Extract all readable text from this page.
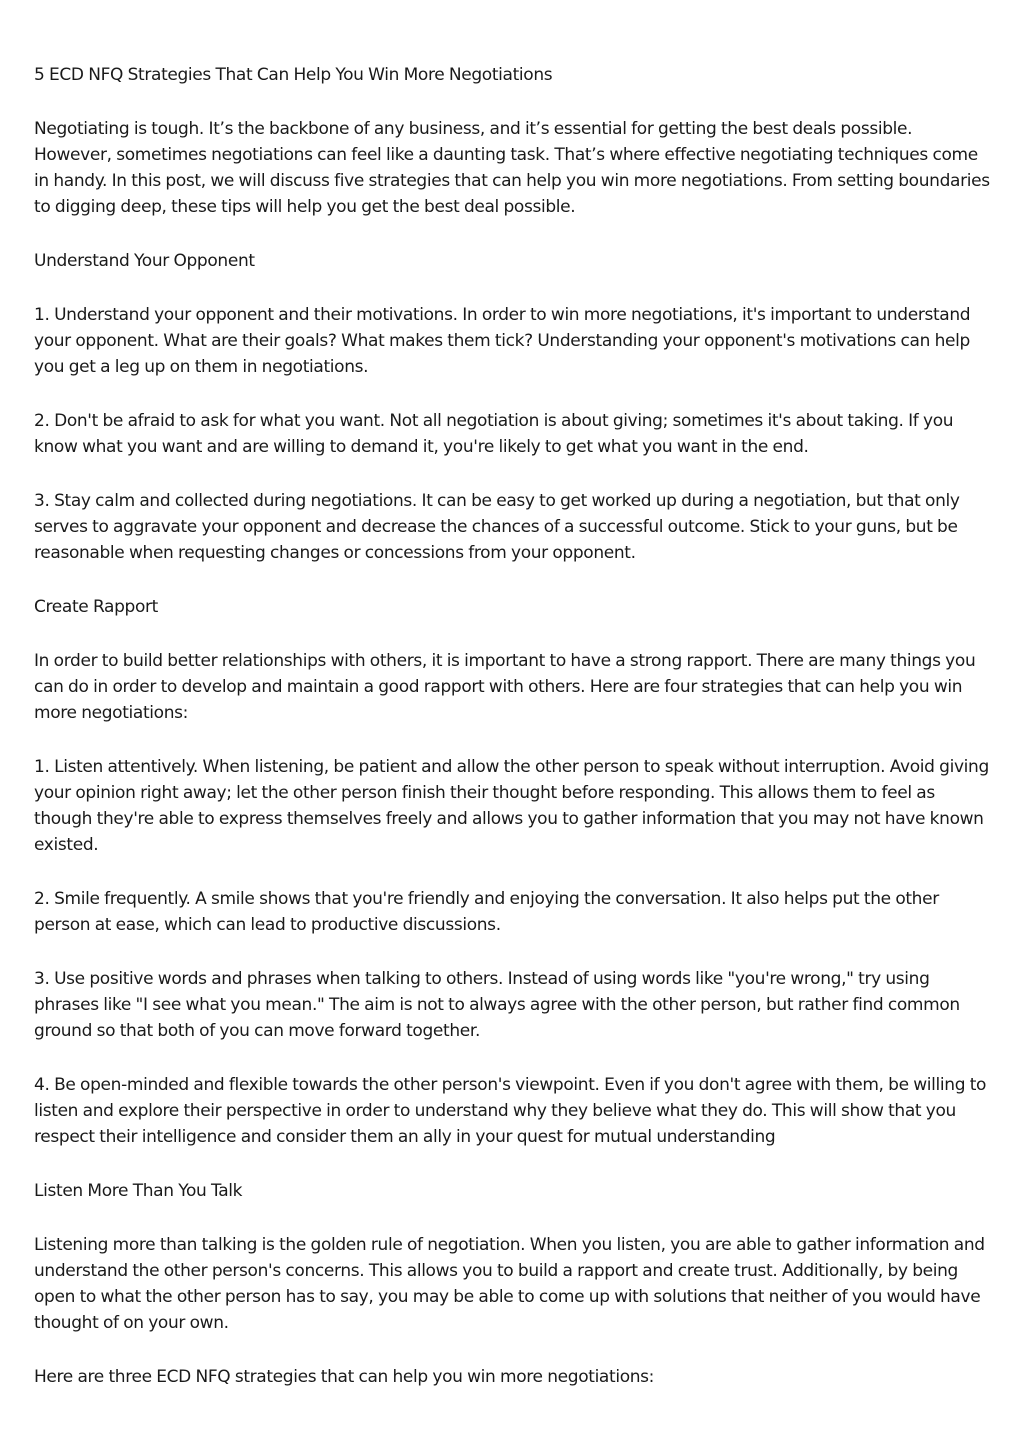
5 ECD NFQ Strategies That Can Help You Win More Negotiations

Negotiating is tough. It’s the backbone of any business, and it’s essential for getting the best deals possible. However, sometimes negotiations can feel like a daunting task. That’s where effective negotiating techniques come in handy. In this post, we will discuss five strategies that can help you win more negotiations. From setting boundaries to digging deep, these tips will help you get the best deal possible.

Understand Your Opponent

1. Understand your opponent and their motivations. In order to win more negotiations, it's important to understand your opponent. What are their goals? What makes them tick? Understanding your opponent's motivations can help you get a leg up on them in negotiations.

2. Don't be afraid to ask for what you want. Not all negotiation is about giving; sometimes it's about taking. If you know what you want and are willing to demand it, you're likely to get what you want in the end.

3. Stay calm and collected during negotiations. It can be easy to get worked up during a negotiation, but that only serves to aggravate your opponent and decrease the chances of a successful outcome. Stick to your guns, but be reasonable when requesting changes or concessions from your opponent.

Create Rapport

In order to build better relationships with others, it is important to have a strong rapport. There are many things you can do in order to develop and maintain a good rapport with others. Here are four strategies that can help you win more negotiations:

1. Listen attentively. When listening, be patient and allow the other person to speak without interruption. Avoid giving your opinion right away; let the other person finish their thought before responding. This allows them to feel as though they're able to express themselves freely and allows you to gather information that you may not have known existed.

2. Smile frequently. A smile shows that you're friendly and enjoying the conversation. It also helps put the other person at ease, which can lead to productive discussions.

3. Use positive words and phrases when talking to others. Instead of using words like "you're wrong," try using phrases like "I see what you mean." The aim is not to always agree with the other person, but rather find common ground so that both of you can move forward together.

4. Be open-minded and flexible towards the other person's viewpoint. Even if you don't agree with them, be willing to listen and explore their perspective in order to understand why they believe what they do. This will show that you respect their intelligence and consider them an ally in your quest for mutual understanding

Listen More Than You Talk

Listening more than talking is the golden rule of negotiation. When you listen, you are able to gather information and understand the other person's concerns. This allows you to build a rapport and create trust. Additionally, by being open to what the other person has to say, you may be able to come up with solutions that neither of you would have thought of on your own.

Here are three ECD NFQ strategies that can help you win more negotiations:
